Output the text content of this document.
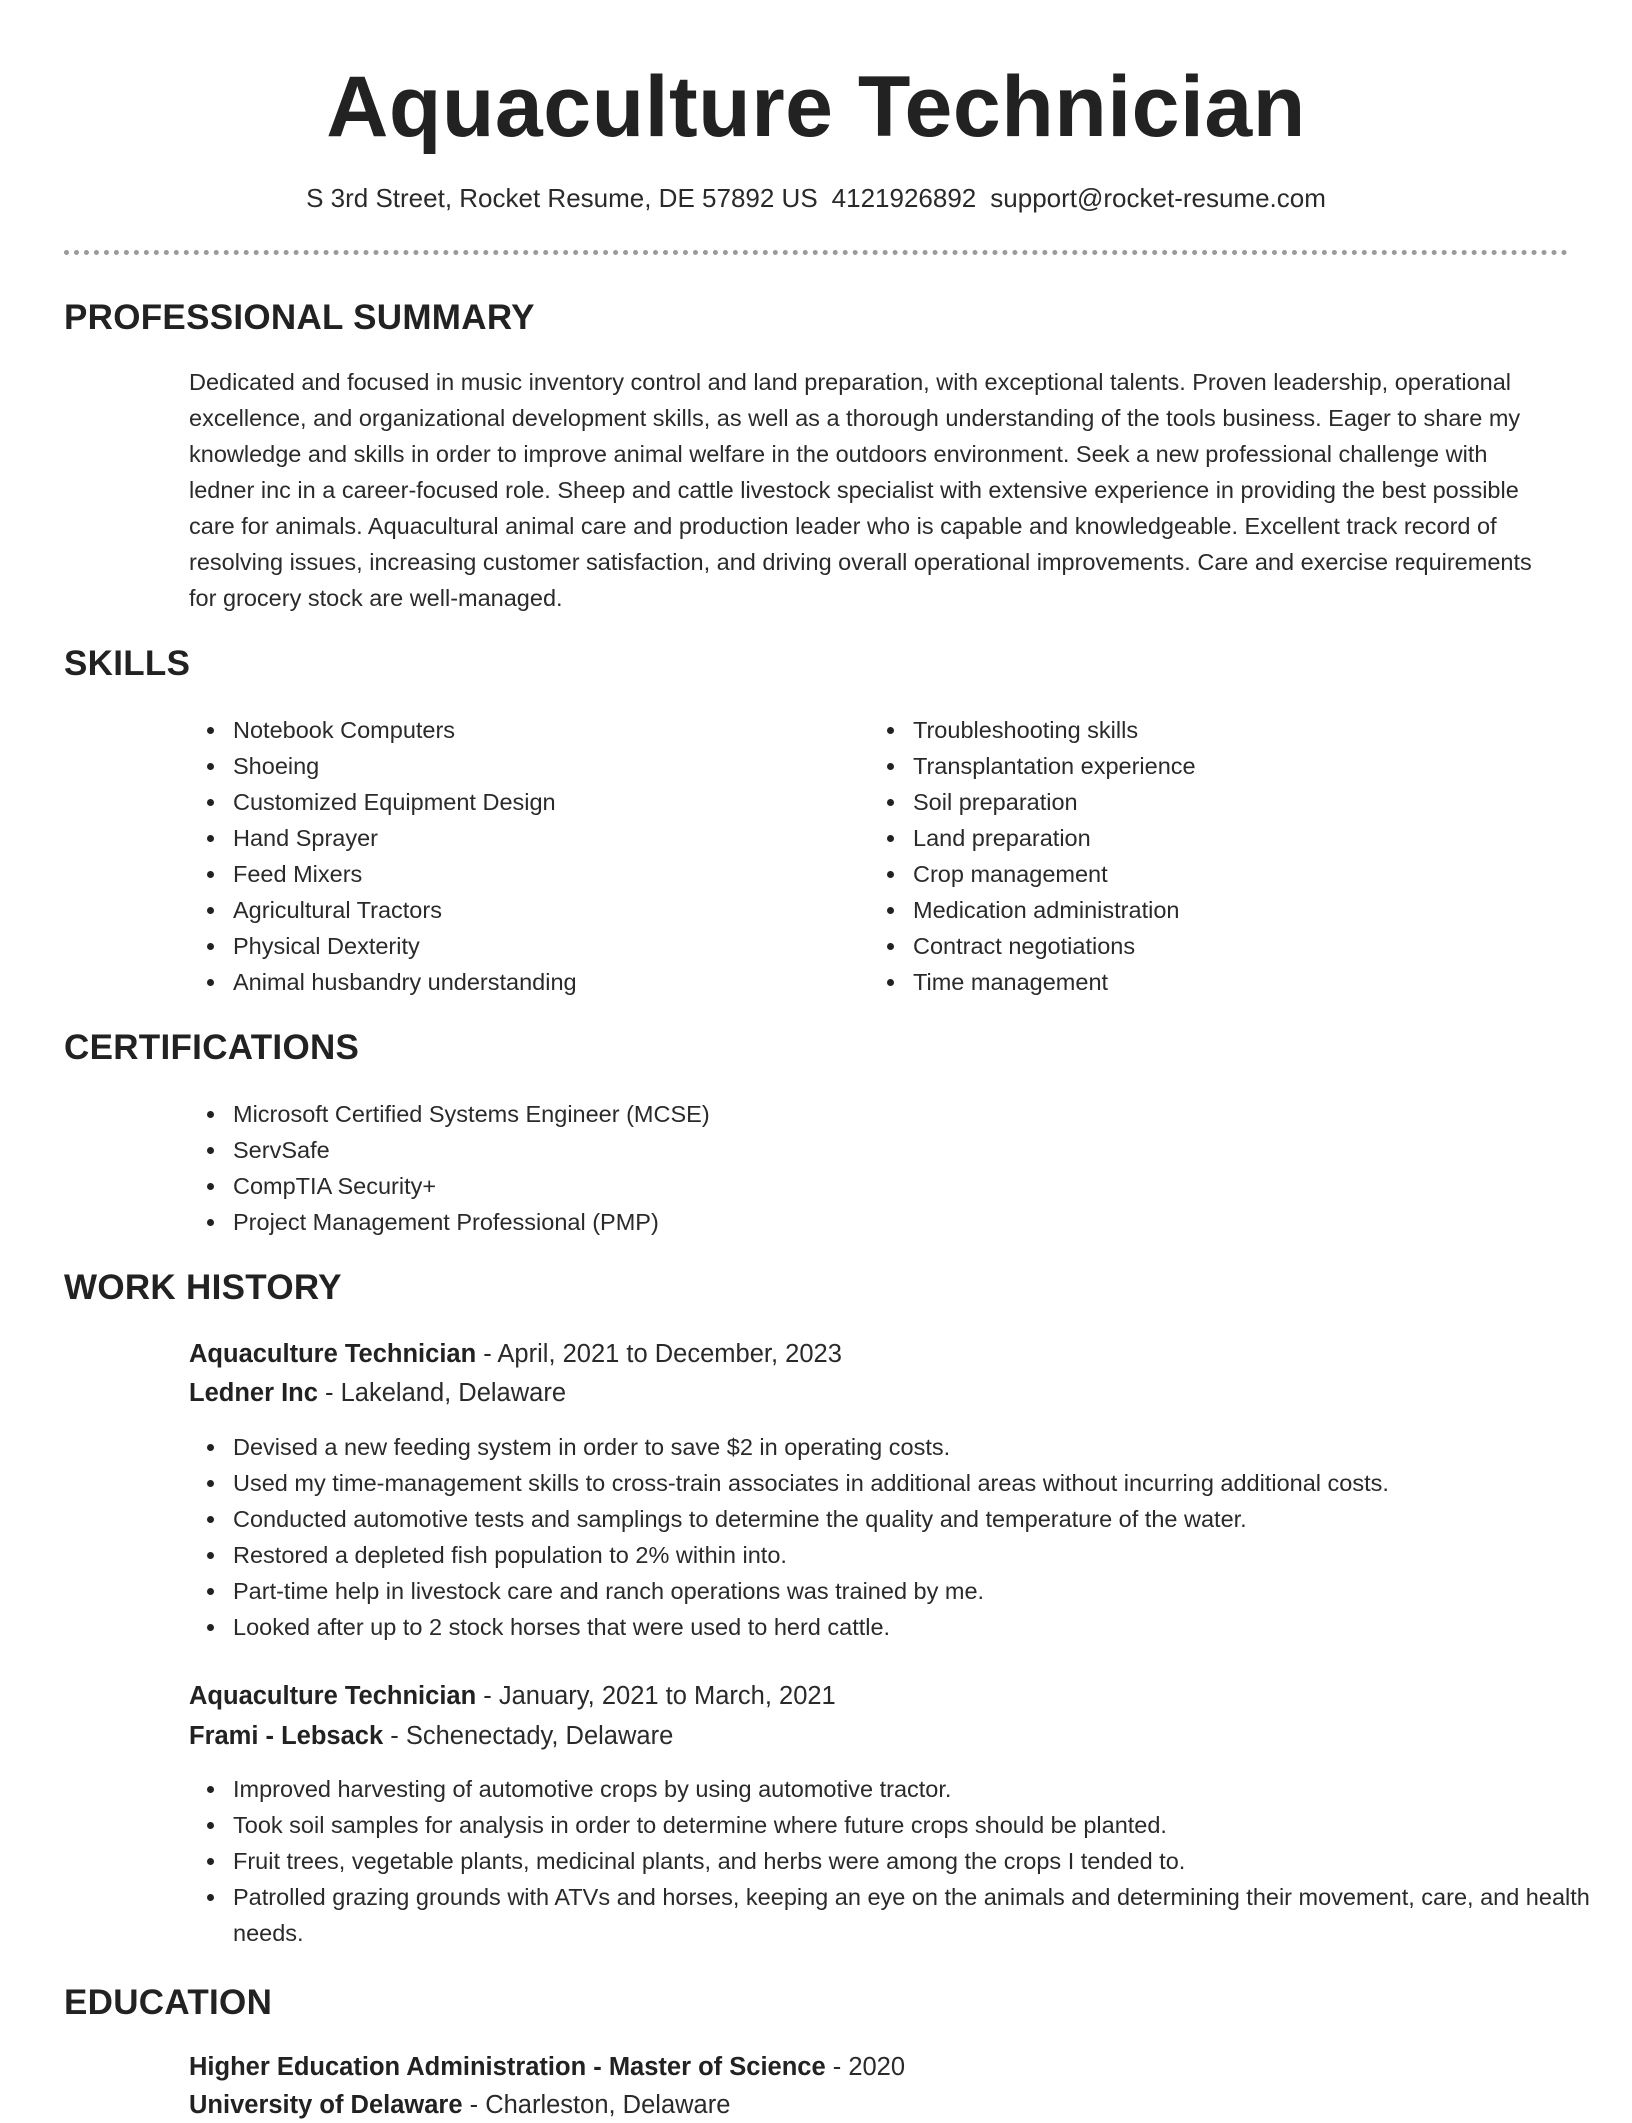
Aquaculture Technician
S 3rd Street, Rocket Resume, DE 57892 US 4121926892 support@rocket-resume.com
PROFESSIONAL SUMMARY
Dedicated and focused in music inventory control and land preparation, with exceptional talents. Proven leadership, operational excellence, and organizational development skills, as well as a thorough understanding of the tools business. Eager to share my knowledge and skills in order to improve animal welfare in the outdoors environment. Seek a new professional challenge with ledner inc in a career-focused role. Sheep and cattle livestock specialist with extensive experience in providing the best possible care for animals. Aquacultural animal care and production leader who is capable and knowledgeable. Excellent track record of resolving issues, increasing customer satisfaction, and driving overall operational improvements. Care and exercise requirements for grocery stock are well-managed.
SKILLS
Notebook Computers
Shoeing
Customized Equipment Design
Hand Sprayer
Feed Mixers
Agricultural Tractors
Physical Dexterity
Animal husbandry understanding
Troubleshooting skills
Transplantation experience
Soil preparation
Land preparation
Crop management
Medication administration
Contract negotiations
Time management
CERTIFICATIONS
Microsoft Certified Systems Engineer (MCSE)
ServSafe
CompTIA Security+
Project Management Professional (PMP)
WORK HISTORY
Aquaculture Technician - April, 2021 to December, 2023
Ledner Inc - Lakeland, Delaware
Devised a new feeding system in order to save $2 in operating costs.
Used my time-management skills to cross-train associates in additional areas without incurring additional costs.
Conducted automotive tests and samplings to determine the quality and temperature of the water.
Restored a depleted fish population to 2% within into.
Part-time help in livestock care and ranch operations was trained by me.
Looked after up to 2 stock horses that were used to herd cattle.
Aquaculture Technician - January, 2021 to March, 2021
Frami - Lebsack - Schenectady, Delaware
Improved harvesting of automotive crops by using automotive tractor.
Took soil samples for analysis in order to determine where future crops should be planted.
Fruit trees, vegetable plants, medicinal plants, and herbs were among the crops I tended to.
Patrolled grazing grounds with ATVs and horses, keeping an eye on the animals and determining their movement, care, and health needs.
EDUCATION
Higher Education Administration - Master of Science - 2020
University of Delaware - Charleston, Delaware
